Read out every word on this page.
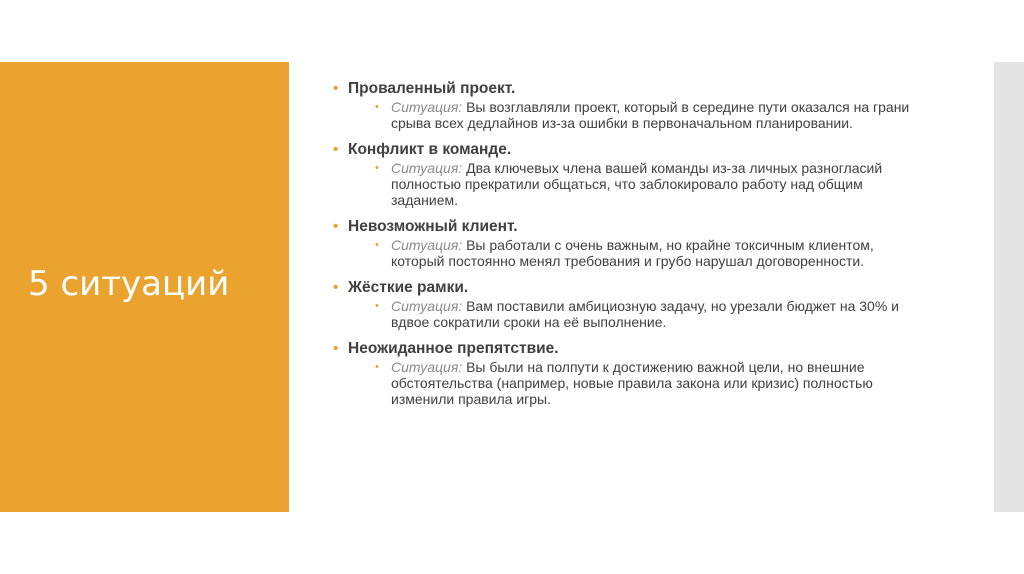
5 ситуаций
• Проваленный проект.
• Ситуация: Вы возглавляли проект, который в середине пути оказался на грани срыва всех дедлайнов из-за ошибки в первоначальном планировании.
• Конфликт в команде.
• Ситуация: Два ключевых члена вашей команды из-за личных разногласий полностью прекратили общаться, что заблокировало работу над общим заданием.
• Невозможный клиент.
• Ситуация: Вы работали с очень важным, но крайне токсичным клиентом, который постоянно менял требования и грубо нарушал договоренности.
• Жёсткие рамки.
• Ситуация: Вам поставили амбициозную задачу, но урезали бюджет на 30% и вдвое сократили сроки на её выполнение.
• Неожиданное препятствие.
• Ситуация: Вы были на полпути к достижению важной цели, но внешние обстоятельства (например, новые правила закона или кризис) полностью изменили правила игры.
